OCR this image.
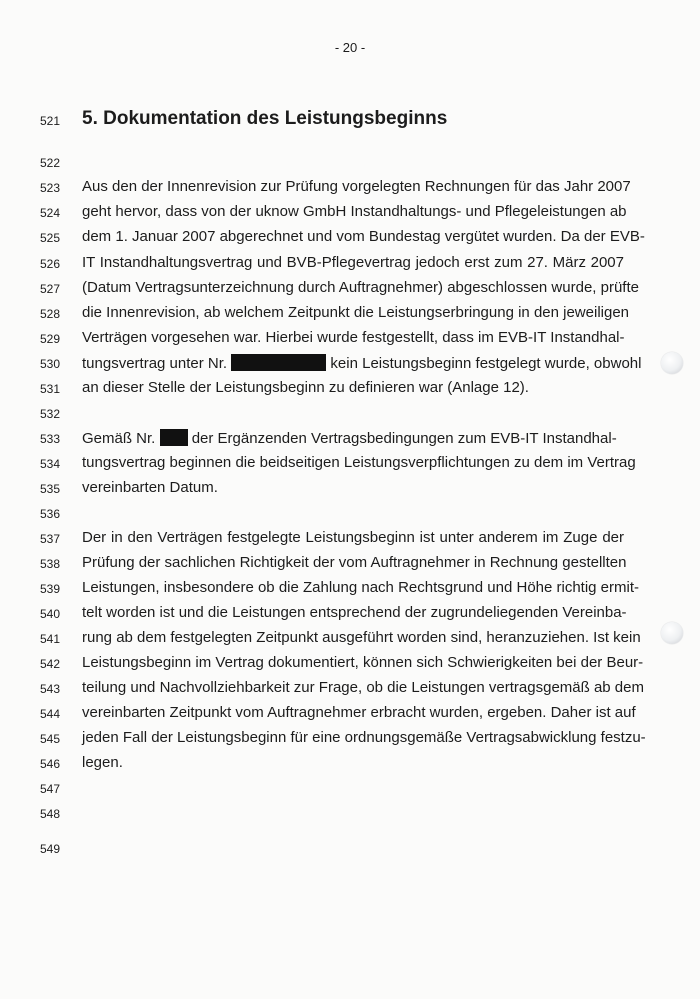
- 20 -
521
522
523
524
525
526
527
528
529
530
531
532
533
534
535
536
537
538
539
540
541
542
543
544
545
546
547
548
549
5. Dokumentation des Leistungsbeginns
Aus den der Innenrevision zur Prüfung vorgelegten Rechnungen für das Jahr 2007
geht hervor, dass von der uknow GmbH Instandhaltungs- und Pflegeleistungen ab
dem 1. Januar 2007 abgerechnet und vom Bundestag vergütet wurden. Da der EVB-
IT Instandhaltungsvertrag und BVB-Pflegevertrag jedoch erst zum 27. März 2007
(Datum Vertragsunterzeichnung durch Auftragnehmer) abgeschlossen wurde, prüfte
die Innenrevision, ab welchem Zeitpunkt die Leistungserbringung in den jeweiligen
Verträgen vorgesehen war. Hierbei wurde festgestellt, dass im EVB-IT Instandhal-
tungsvertrag unter Nr.	kein Leistungsbeginn festgelegt wurde, obwohl
an dieser Stelle der Leistungsbeginn zu definieren war (Anlage 12).
Gemäß Nr. der Ergänzenden Vertragsbedingungen zum EVB-IT Instandhal-
tungsvertrag beginnen die beidseitigen Leistungsverpflichtungen zu dem im Vertrag
vereinbarten Datum.
Der in den Verträgen festgelegte Leistungsbeginn ist unter anderem im Zuge der
Prüfung der sachlichen Richtigkeit der vom Auftragnehmer in Rechnung gestellten
Leistungen, insbesondere ob die Zahlung nach Rechtsgrund und Höhe richtig ermit-
telt worden ist und die Leistungen entsprechend der zugrundeliegenden Vereinba-
rung ab dem festgelegten Zeitpunkt ausgeführt worden sind, heranzuziehen. Ist kein
Leistungsbeginn im Vertrag dokumentiert, können sich Schwierigkeiten bei der Beur-
teilung und Nachvollziehbarkeit zur Frage, ob die Leistungen vertragsgemäß ab dem
vereinbarten Zeitpunkt vom Auftragnehmer erbracht wurden, ergeben. Daher ist auf
jeden Fall der Leistungsbeginn für eine ordnungsgemäße Vertragsabwicklung festzu-
legen.
